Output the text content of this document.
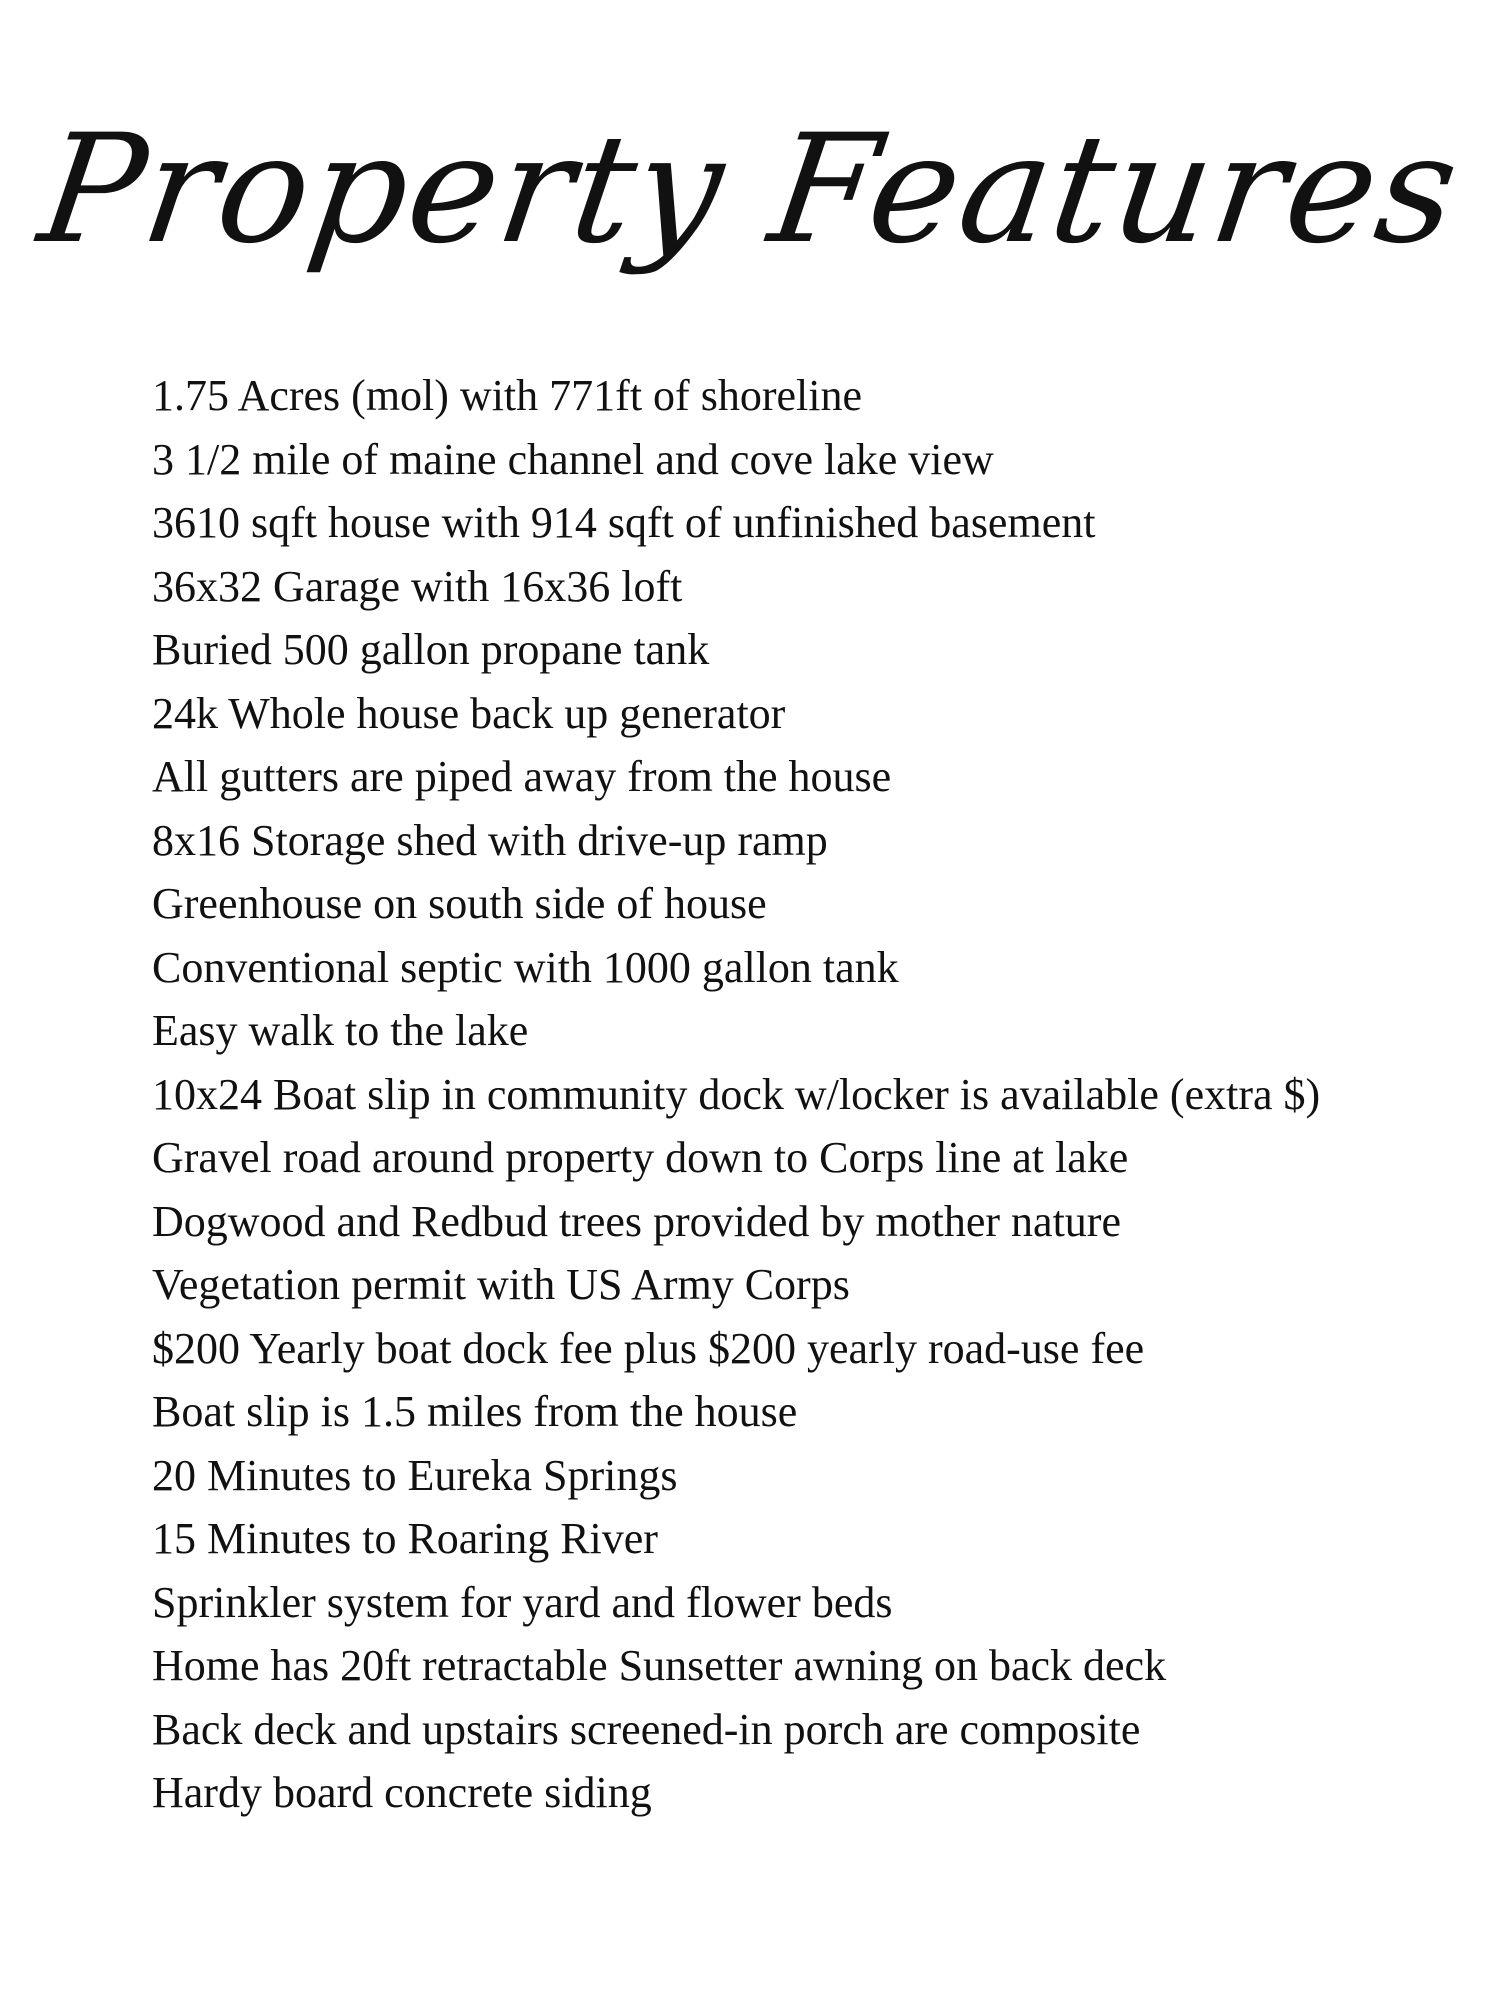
Property Features
1.75 Acres (mol) with 771ft of shoreline
3 1/2 mile of maine channel and cove lake view
3610 sqft house with 914 sqft of unfinished basement
36x32 Garage with 16x36 loft
Buried 500 gallon propane tank
24k Whole house back up generator
All gutters are piped away from the house
8x16 Storage shed with drive-up ramp
Greenhouse on south side of house
Conventional septic with 1000 gallon tank
Easy walk to the lake
10x24 Boat slip in community dock w/locker is available (extra $)
Gravel road around property down to Corps line at lake
Dogwood and Redbud trees provided by mother nature
Vegetation permit with US Army Corps
$200 Yearly boat dock fee plus $200 yearly road-use fee
Boat slip is 1.5 miles from the house
20 Minutes to Eureka Springs
15 Minutes to Roaring River
Sprinkler system for yard and flower beds
Home has 20ft retractable Sunsetter awning on back deck
Back deck and upstairs screened-in porch are composite
Hardy board concrete siding
